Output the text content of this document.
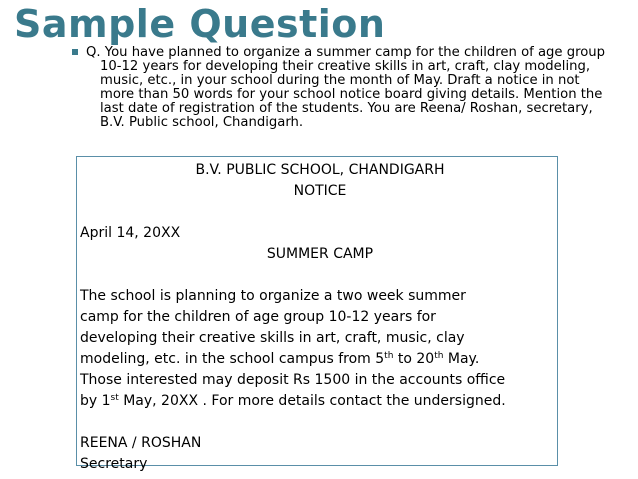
Sample Question
Q. You have planned to organize a summer camp for the children of age group 10-12 years for developing their creative skills in art, craft, clay modeling, music, etc., in your school during the month of May. Draft a notice in not more than 50 words for your school notice board giving details. Mention the last date of registration of the students. You are Reena/ Roshan, secretary, B.V. Public school, Chandigarh.
B.V. PUBLIC SCHOOL, CHANDIGARH
NOTICE
April 14, 20XX
SUMMER CAMP
The school is planning to organize a two week summer
camp for the children of age group 10-12 years for
developing their creative skills in art, craft, music, clay
modeling, etc. in the school campus from 5th to 20th May.
Those interested may deposit Rs 1500 in the accounts office
by 1st May, 20XX . For more details contact the undersigned.
REENA / ROSHAN
Secretary
